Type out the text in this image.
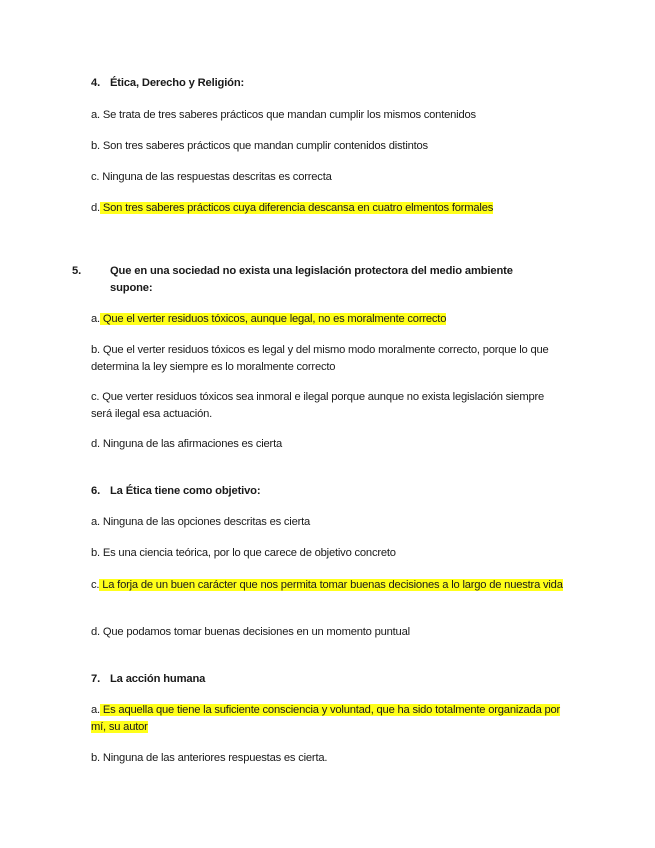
4. Ética, Derecho y Religión:
a. Se trata de tres saberes prácticos que mandan cumplir los mismos contenidos
b. Son tres saberes prácticos que mandan cumplir contenidos distintos
c. Ninguna de las respuestas descritas es correcta
d. Son tres saberes prácticos cuya diferencia descansa en cuatro elmentos formales
5.	Que en una sociedad no exista una legislación protectora del medio ambiente supone:
a. Que el verter residuos tóxicos, aunque legal, no es moralmente correcto
b. Que el verter residuos tóxicos es legal y del mismo modo moralmente correcto, porque lo que determina la ley siempre es lo moralmente correcto
c. Que verter residuos tóxicos sea inmoral e ilegal porque aunque no exista legislación siempre será ilegal esa actuación.
d. Ninguna de las afirmaciones es cierta
6. La Ética tiene como objetivo:
a. Ninguna de las opciones descritas es cierta
b. Es una ciencia teórica, por lo que carece de objetivo concreto
c. La forja de un buen carácter que nos permita tomar buenas decisiones a lo largo de nuestra vida
d. Que podamos tomar buenas decisiones en un momento puntual
7. La acción humana
a. Es aquella que tiene la suficiente consciencia y voluntad, que ha sido totalmente organizada por mí, su autor
b. Ninguna de las anteriores respuestas es cierta.
